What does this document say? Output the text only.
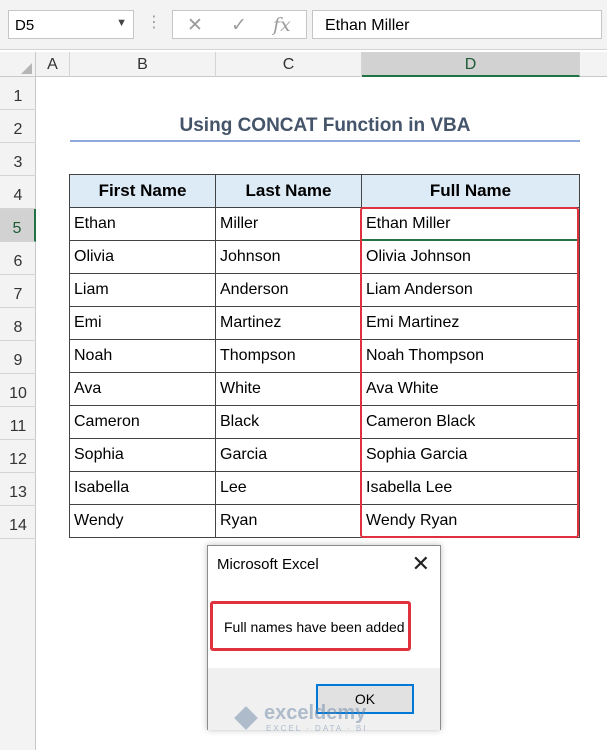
D5	▼ ⋮ ✕ ✓ fx Ethan Miller
A	B	C	D
1
2
3
4
5
6
7
8
9
10
11
12
13
14
Using CONCAT Function in VBA
First Name	Last Name	Full Name
Ethan	Miller	Ethan Miller
Olivia	Johnson	Olivia Johnson
Liam	Anderson	Liam Anderson
Emi	Martinez	Emi Martinez
Noah	Thompson	Noah Thompson
Ava	White	Ava White
Cameron	Black	Cameron Black
Sophia	Garcia	Sophia Garcia
Isabella	Lee	Isabella Lee
Wendy	Ryan	Wendy Ryan
Microsoft Excel	✕
Full names have been added
OK
exceldemy
EXCEL · DATA · BI
